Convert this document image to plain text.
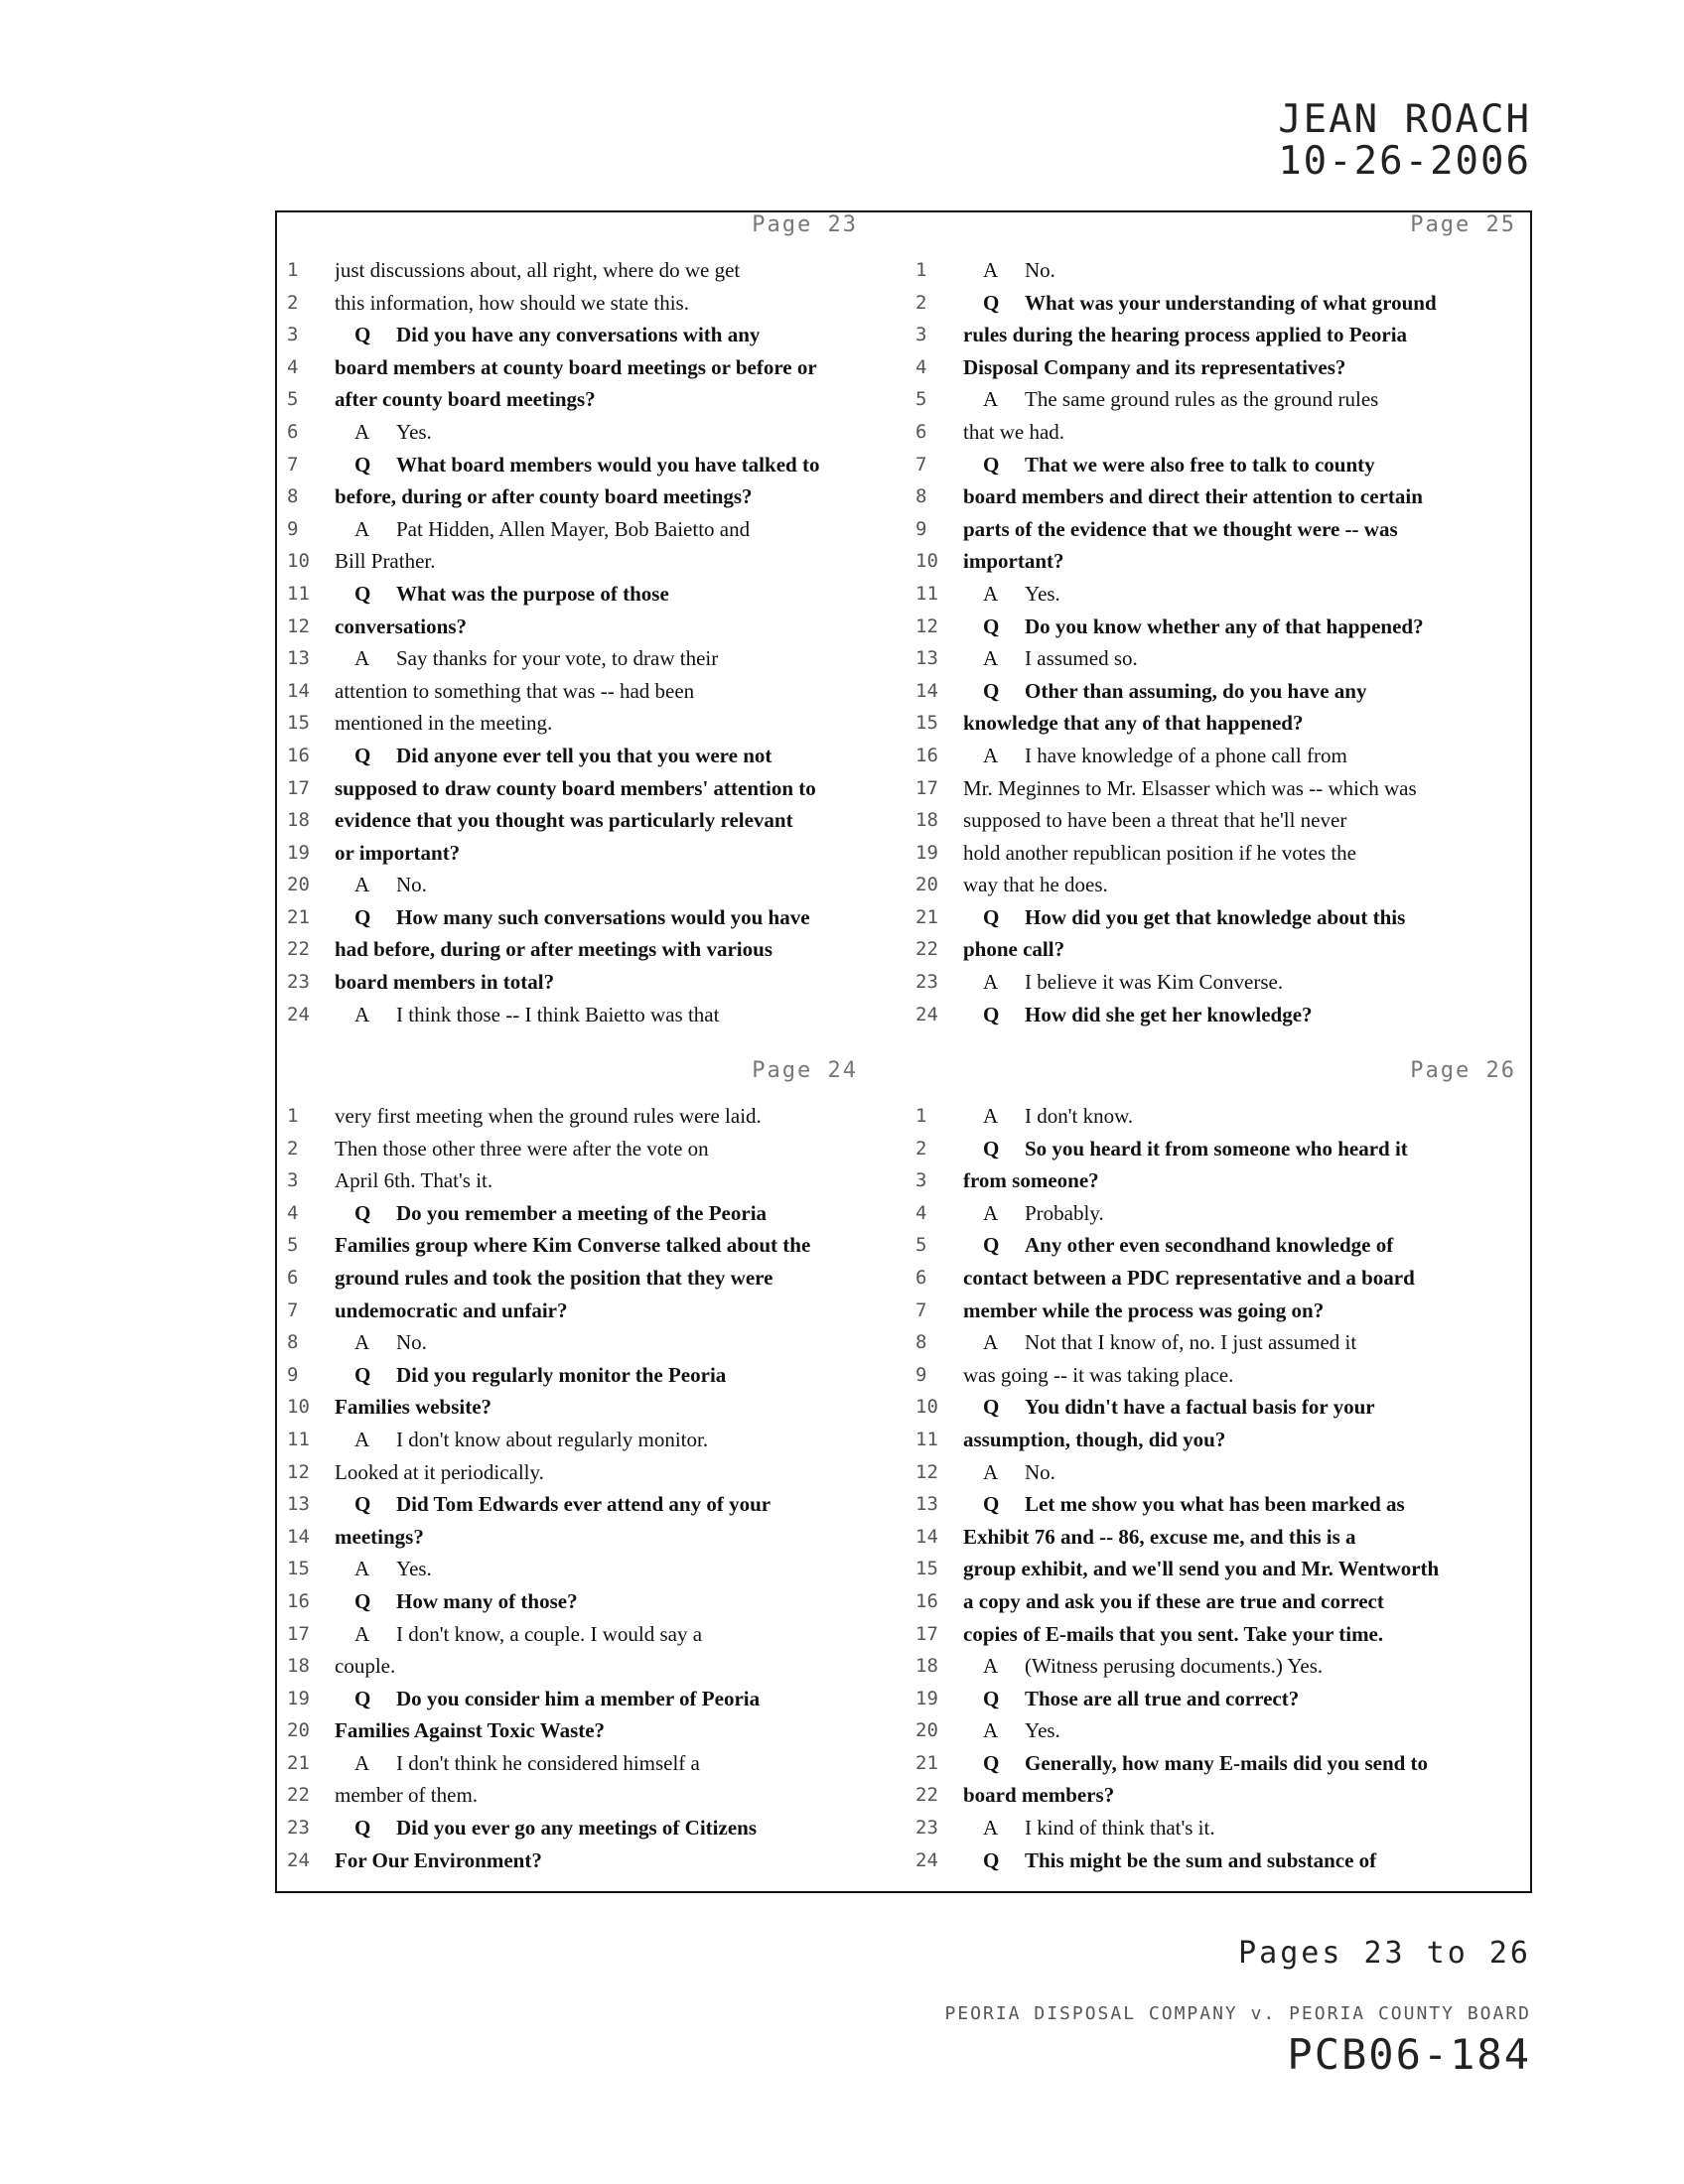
JEAN ROACH
10-26-2006
Page 23
1	just discussions about, all right, where do we get
2	this information, how should we state this.
3	Q Did you have any conversations with any
4	board members at county board meetings or before or
5	after county board meetings?
6	A Yes.
7	Q What board members would you have talked to
8	before, during or after county board meetings?
9	A Pat Hidden, Allen Mayer, Bob Baietto and
10	Bill Prather.
11	Q What was the purpose of those
12	conversations?
13	A Say thanks for your vote, to draw their
14	attention to something that was -- had been
15	mentioned in the meeting.
16	Q Did anyone ever tell you that you were not
17	supposed to draw county board members' attention to
18	evidence that you thought was particularly relevant
19	or important?
20	A No.
21	Q How many such conversations would you have
22	had before, during or after meetings with various
23	board members in total?
24	A I think those -- I think Baietto was that
Page 25
1	A No.
2	Q What was your understanding of what ground
3	rules during the hearing process applied to Peoria
4	Disposal Company and its representatives?
5	A The same ground rules as the ground rules
6	that we had.
7	Q That we were also free to talk to county
8	board members and direct their attention to certain
9	parts of the evidence that we thought were -- was
10	important?
11	A Yes.
12	Q Do you know whether any of that happened?
13	A I assumed so.
14	Q Other than assuming, do you have any
15	knowledge that any of that happened?
16	A I have knowledge of a phone call from
17	Mr. Meginnes to Mr. Elsasser which was -- which was
18	supposed to have been a threat that he'll never
19	hold another republican position if he votes the
20	way that he does.
21	Q How did you get that knowledge about this
22	phone call?
23	A I believe it was Kim Converse.
24	Q How did she get her knowledge?
Page 24
1	very first meeting when the ground rules were laid.
2	Then those other three were after the vote on
3	April 6th. That's it.
4	Q Do you remember a meeting of the Peoria
5	Families group where Kim Converse talked about the
6	ground rules and took the position that they were
7	undemocratic and unfair?
8	A No.
9	Q Did you regularly monitor the Peoria
10	Families website?
11	A I don't know about regularly monitor.
12	Looked at it periodically.
13	Q Did Tom Edwards ever attend any of your
14	meetings?
15	A Yes.
16	Q How many of those?
17	A I don't know, a couple. I would say a
18	couple.
19	Q Do you consider him a member of Peoria
20	Families Against Toxic Waste?
21	A I don't think he considered himself a
22	member of them.
23	Q Did you ever go any meetings of Citizens
24	For Our Environment?
Page 26
1	A I don't know.
2	Q So you heard it from someone who heard it
3	from someone?
4	A Probably.
5	Q Any other even secondhand knowledge of
6	contact between a PDC representative and a board
7	member while the process was going on?
8	A Not that I know of, no. I just assumed it
9	was going -- it was taking place.
10	Q You didn't have a factual basis for your
11	assumption, though, did you?
12	A No.
13	Q Let me show you what has been marked as
14	Exhibit 76 and -- 86, excuse me, and this is a
15	group exhibit, and we'll send you and Mr. Wentworth
16	a copy and ask you if these are true and correct
17	copies of E-mails that you sent. Take your time.
18	A (Witness perusing documents.) Yes.
19	Q Those are all true and correct?
20	A Yes.
21	Q Generally, how many E-mails did you send to
22	board members?
23	A I kind of think that's it.
24	Q This might be the sum and substance of
Pages 23 to 26
PEORIA DISPOSAL COMPANY v. PEORIA COUNTY BOARD
PCB06-184
